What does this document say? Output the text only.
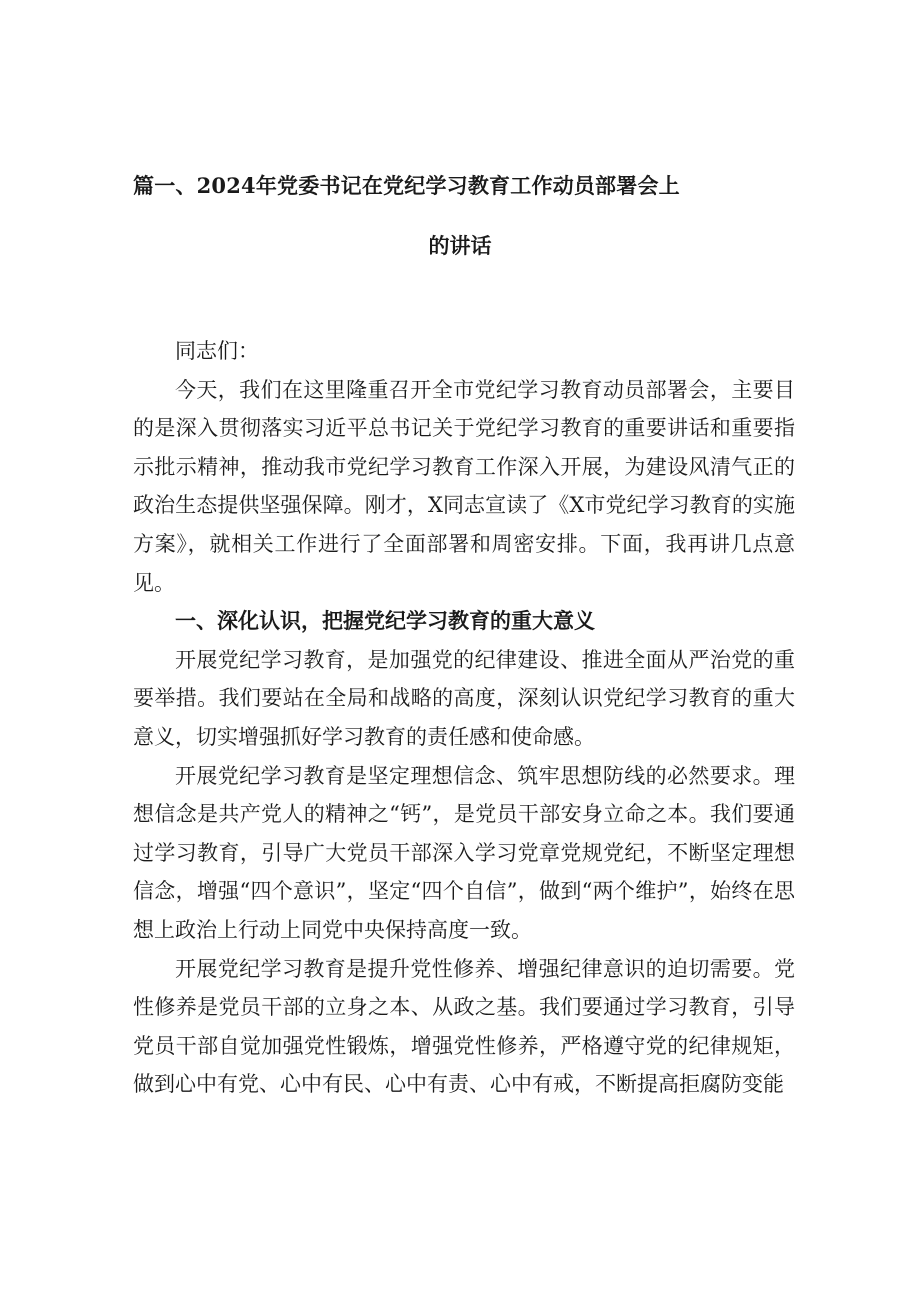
篇一、2024年党委书记在党纪学习教育工作动员部署会上
的讲话

同志们：

今天，我们在这里隆重召开全市党纪学习教育动员部署会，主要目的是深入贯彻落实习近平总书记关于党纪学习教育的重要讲话和重要指示批示精神，推动我市党纪学习教育工作深入开展，为建设风清气正的政治生态提供坚强保障。刚才，X同志宣读了《X市党纪学习教育的实施方案》，就相关工作进行了全面部署和周密安排。下面，我再讲几点意见。

一、深化认识，把握党纪学习教育的重大意义

开展党纪学习教育，是加强党的纪律建设、推进全面从严治党的重要举措。我们要站在全局和战略的高度，深刻认识党纪学习教育的重大意义，切实增强抓好学习教育的责任感和使命感。

开展党纪学习教育是坚定理想信念、筑牢思想防线的必然要求。理想信念是共产党人的精神之“钙”，是党员干部安身立命之本。我们要通过学习教育，引导广大党员干部深入学习党章党规党纪，不断坚定理想信念，增强“四个意识”，坚定“四个自信”，做到“两个维护”，始终在思想上政治上行动上同党中央保持高度一致。

开展党纪学习教育是提升党性修养、增强纪律意识的迫切需要。党性修养是党员干部的立身之本、从政之基。我们要通过学习教育，引导党员干部自觉加强党性锻炼，增强党性修养，严格遵守党的纪律规矩，做到心中有党、心中有民、心中有责、心中有戒，不断提高拒腐防变能
